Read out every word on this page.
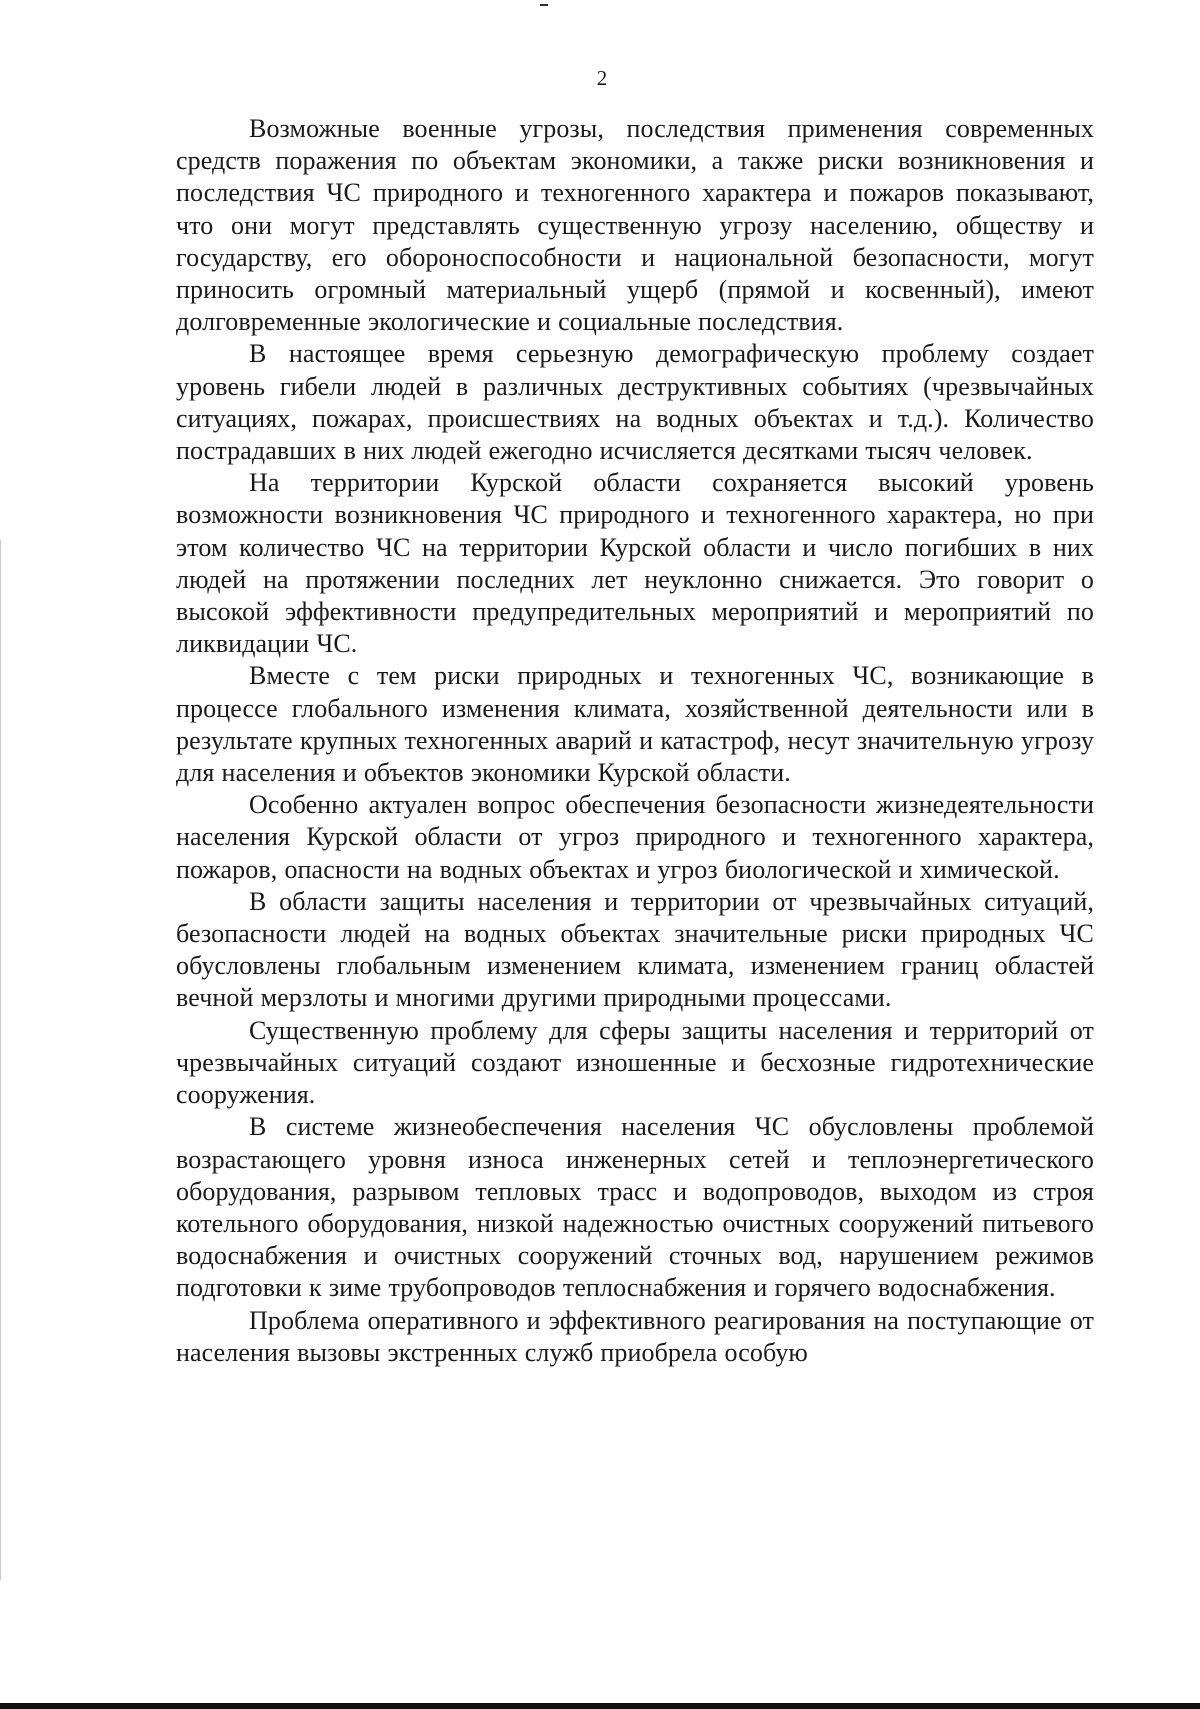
2

Возможные военные угрозы, последствия применения современных средств поражения по объектам экономики, а также риски возникновения и последствия ЧС природного и техногенного характера и пожаров показывают, что они могут представлять существенную угрозу населению, обществу и государству, его обороноспособности и национальной безопасности, могут приносить огромный материальный ущерб (прямой и косвенный), имеют долговременные экологические и социальные последствия.

В настоящее время серьезную демографическую проблему создает уровень гибели людей в различных деструктивных событиях (чрезвычайных ситуациях, пожарах, происшествиях на водных объектах и т.д.). Количество пострадавших в них людей ежегодно исчисляется десятками тысяч человек.

На территории Курской области сохраняется высокий уровень возможности возникновения ЧС природного и техногенного характера, но при этом количество ЧС на территории Курской области и число погибших в них людей на протяжении последних лет неуклонно снижается. Это говорит о высокой эффективности предупредительных мероприятий и мероприятий по ликвидации ЧС.

Вместе с тем риски природных и техногенных ЧС, возникающие в процессе глобального изменения климата, хозяйственной деятельности или в результате крупных техногенных аварий и катастроф, несут значительную угрозу для населения и объектов экономики Курской области.

Особенно актуален вопрос обеспечения безопасности жизнедеятельности населения Курской области от угроз природного и техногенного характера, пожаров, опасности на водных объектах и угроз биологической и химической.

В области защиты населения и территории от чрезвычайных ситуаций, безопасности людей на водных объектах значительные риски природных ЧС обусловлены глобальным изменением климата, изменением границ областей вечной мерзлоты и многими другими природными процессами.

Существенную проблему для сферы защиты населения и территорий от чрезвычайных ситуаций создают изношенные и бесхозные гидротехнические сооружения.

В системе жизнеобеспечения населения ЧС обусловлены проблемой возрастающего уровня износа инженерных сетей и теплоэнергетического оборудования, разрывом тепловых трасс и водопроводов, выходом из строя котельного оборудования, низкой надежностью очистных сооружений питьевого водоснабжения и очистных сооружений сточных вод, нарушением режимов подготовки к зиме трубопроводов теплоснабжения и горячего водоснабжения.

Проблема оперативного и эффективного реагирования на поступающие от населения вызовы экстренных служб приобрела особую
